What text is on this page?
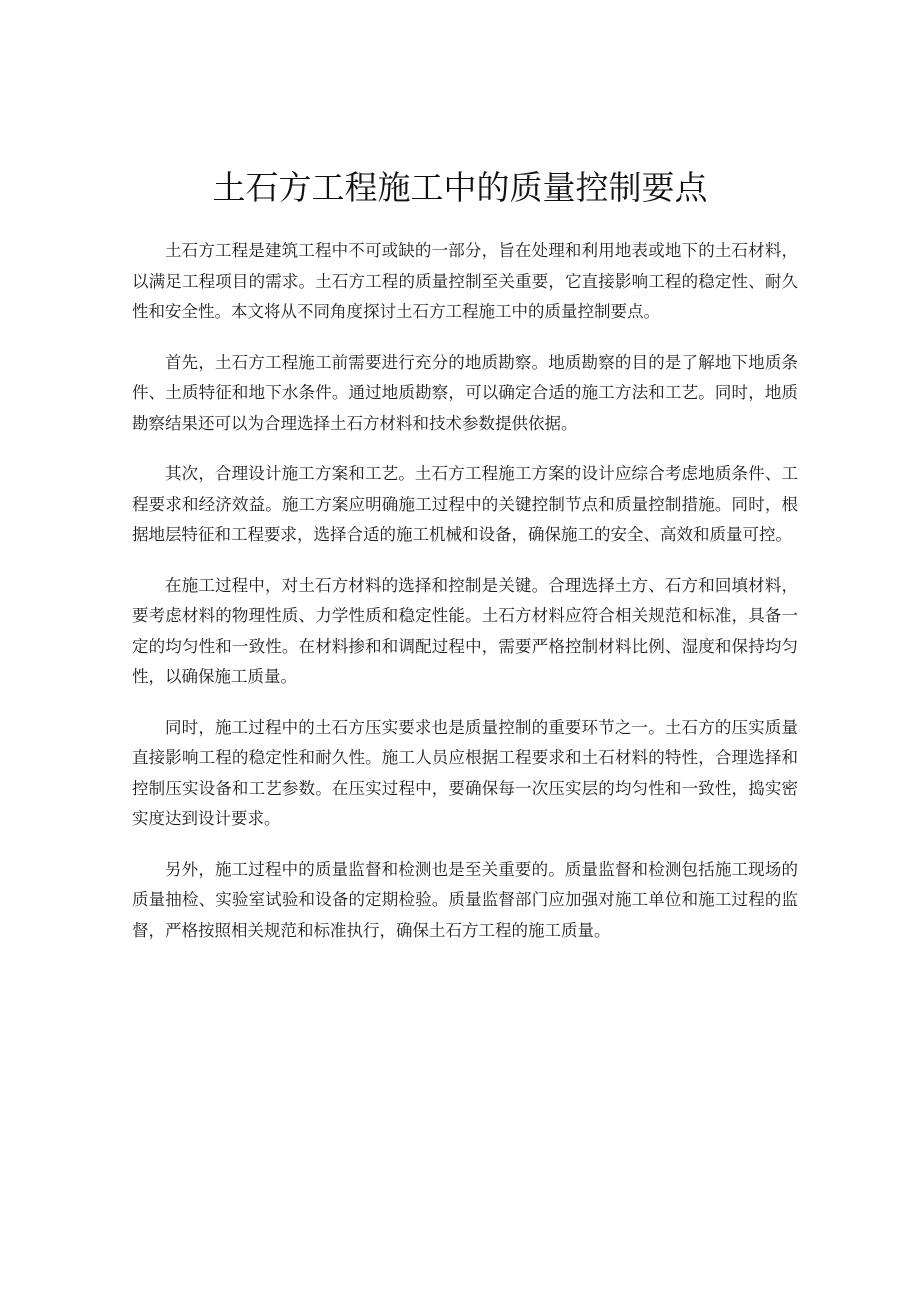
土石方工程施工中的质量控制要点

土石方工程是建筑工程中不可或缺的一部分，旨在处理和利用地表或地下的土石材料，以满足工程项目的需求。土石方工程的质量控制至关重要，它直接影响工程的稳定性、耐久性和安全性。本文将从不同角度探讨土石方工程施工中的质量控制要点。

首先，土石方工程施工前需要进行充分的地质勘察。地质勘察的目的是了解地下地质条件、土质特征和地下水条件。通过地质勘察，可以确定合适的施工方法和工艺。同时，地质勘察结果还可以为合理选择土石方材料和技术参数提供依据。

其次，合理设计施工方案和工艺。土石方工程施工方案的设计应综合考虑地质条件、工程要求和经济效益。施工方案应明确施工过程中的关键控制节点和质量控制措施。同时，根据地层特征和工程要求，选择合适的施工机械和设备，确保施工的安全、高效和质量可控。

在施工过程中，对土石方材料的选择和控制是关键。合理选择土方、石方和回填材料，要考虑材料的物理性质、力学性质和稳定性能。土石方材料应符合相关规范和标准，具备一定的均匀性和一致性。在材料掺和和调配过程中，需要严格控制材料比例、湿度和保持均匀性，以确保施工质量。

同时，施工过程中的土石方压实要求也是质量控制的重要环节之一。土石方的压实质量直接影响工程的稳定性和耐久性。施工人员应根据工程要求和土石材料的特性，合理选择和控制压实设备和工艺参数。在压实过程中，要确保每一次压实层的均匀性和一致性，捣实密实度达到设计要求。

另外，施工过程中的质量监督和检测也是至关重要的。质量监督和检测包括施工现场的质量抽检、实验室试验和设备的定期检验。质量监督部门应加强对施工单位和施工过程的监督，严格按照相关规范和标准执行，确保土石方工程的施工质量。
